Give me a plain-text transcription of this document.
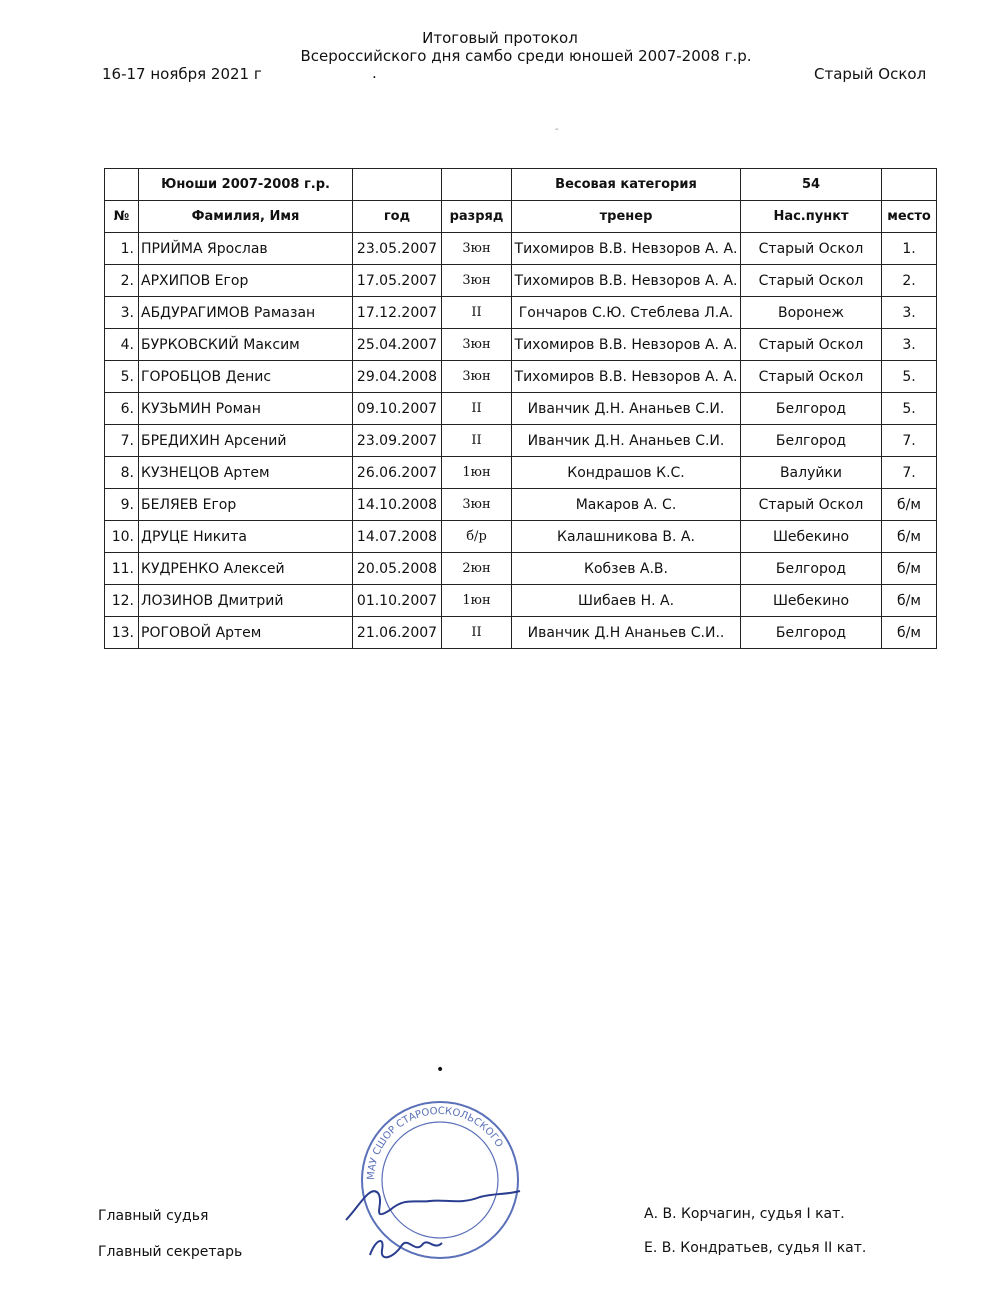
Итоговый протокол
Всероссийского дня самбо среди юношей 2007-2008 г.р.
16-17 ноября 2021 г	.	Старый Оскол
-
	Юноши 2007-2008 г.р.			Весовая категория	54	
№	Фамилия, Имя	год	разряд	тренер	Нас.пункт	место
1.	ПРИЙМА Ярослав	23.05.2007	3юн	Тихомиров В.В. Невзоров А. А.	Старый Оскол	1.
2.	АРХИПОВ Егор	17.05.2007	3юн	Тихомиров В.В. Невзоров А. А.	Старый Оскол	2.
3.	АБДУРАГИМОВ Рамазан	17.12.2007	II	Гончаров С.Ю. Стеблева Л.А.	Воронеж	3.
4.	БУРКОВСКИЙ Максим	25.04.2007	3юн	Тихомиров В.В. Невзоров А. А.	Старый Оскол	3.
5.	ГОРОБЦОВ Денис	29.04.2008	3юн	Тихомиров В.В. Невзоров А. А.	Старый Оскол	5.
6.	КУЗЬМИН Роман	09.10.2007	II	Иванчик Д.Н. Ананьев С.И.	Белгород	5.
7.	БРЕДИХИН Арсений	23.09.2007	II	Иванчик Д.Н. Ананьев С.И.	Белгород	7.
8.	КУЗНЕЦОВ Артем	26.06.2007	1юн	Кондрашов К.С.	Валуйки	7.
9.	БЕЛЯЕВ Егор	14.10.2008	3юн	Макаров А. С.	Старый Оскол	б/м
10.	ДРУЦЕ Никита	14.07.2008	б/р	Калашникова В. А.	Шебекино	б/м
11.	КУДРЕНКО Алексей	20.05.2008	2юн	Кобзев А.В.	Белгород	б/м
12.	ЛОЗИНОВ Дмитрий	01.10.2007	1юн	Шибаев Н. А.	Шебекино	б/м
13.	РОГОВОЙ Артем	21.06.2007	II	Иванчик Д.Н Ананьев С.И..	Белгород	б/м
•
МАУ СШОР СТАРООСКОЛЬСКОГО
Главный судья
Главный секретарь
А. В. Корчагин, судья I кат.
Е. В. Кондратьев, судья II кат.
